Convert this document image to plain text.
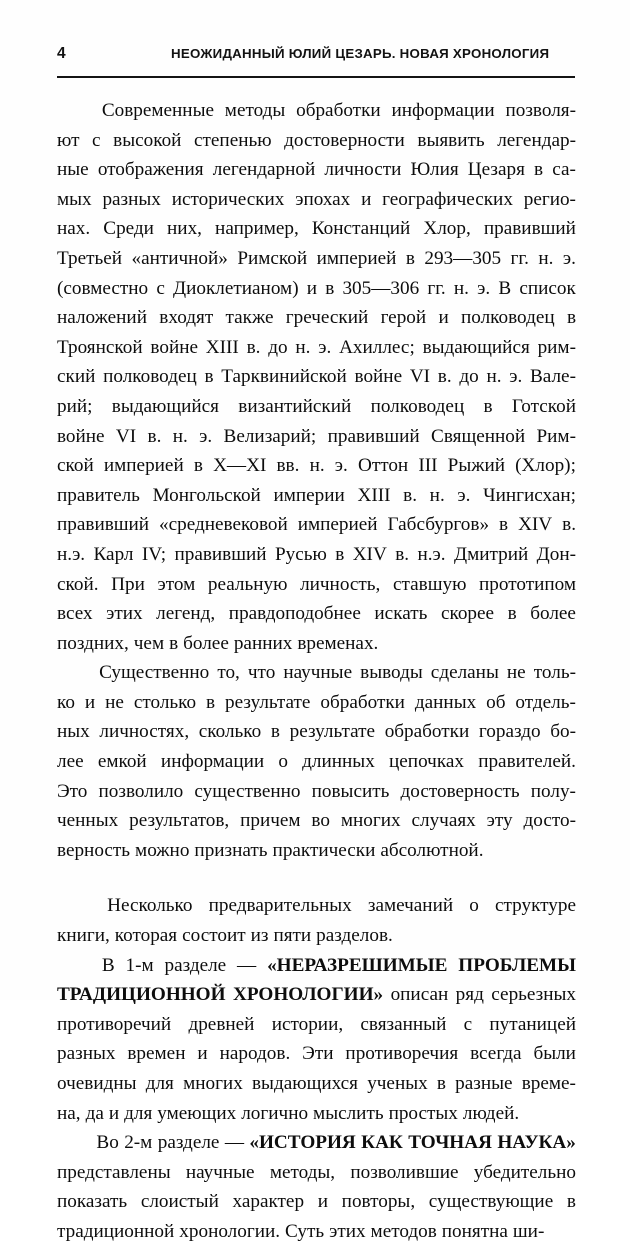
4	НЕОЖИДАННЫЙ ЮЛИЙ ЦЕЗАРЬ. НОВАЯ ХРОНОЛОГИЯ
Современные методы обработки информации позволя-
ют с высокой степенью достоверности выявить легендар-
ные отображения легендарной личности Юлия Цезаря в са-
мых разных исторических эпохах и географических регио-
нах. Среди них, например, Констанций Хлор, правивший
Третьей «античной» Римской империей в 293—305 гг. н. э.
(совместно с Диоклетианом) и в 305—306 гг. н. э. В список
наложений входят также греческий герой и полководец в
Троянской войне XIII в. до н. э. Ахиллес; выдающийся рим-
ский полководец в Тарквинийской войне VI в. до н. э. Вале-
рий; выдающийся византийский полководец в Готской
войне VI в. н. э. Велизарий; правивший Священной Рим-
ской империей в X—XI вв. н. э. Оттон III Рыжий (Хлор);
правитель Монгольской империи XIII в. н. э. Чингисхан;
правивший «средневековой империей Габсбургов» в XIV в.
н.э. Карл IV; правивший Русью в XIV в. н.э. Дмитрий Дон-
ской. При этом реальную личность, ставшую прототипом
всех этих легенд, правдоподобнее искать скорее в более
поздних, чем в более ранних временах.
Существенно то, что научные выводы сделаны не толь-
ко и не столько в результате обработки данных об отдель-
ных личностях, сколько в результате обработки гораздо бо-
лее емкой информации о длинных цепочках правителей.
Это позволило существенно повысить достоверность полу-
ченных результатов, причем во многих случаях эту досто-
верность можно признать практически абсолютной.
Несколько предварительных замечаний о структуре
книги, которая состоит из пяти разделов.
В 1-м разделе — «НЕРАЗРЕШИМЫЕ ПРОБЛЕМЫ
ТРАДИЦИОННОЙ ХРОНОЛОГИИ» описан ряд серьезных
противоречий древней истории, связанный с путаницей
разных времен и народов. Эти противоречия всегда были
очевидны для многих выдающихся ученых в разные време-
на, да и для умеющих логично мыслить простых людей.
Во 2-м разделе — «ИСТОРИЯ КАК ТОЧНАЯ НАУКА»
представлены научные методы, позволившие убедительно
показать слоистый характер и повторы, существующие в
традиционной хронологии. Суть этих методов понятна ши-
